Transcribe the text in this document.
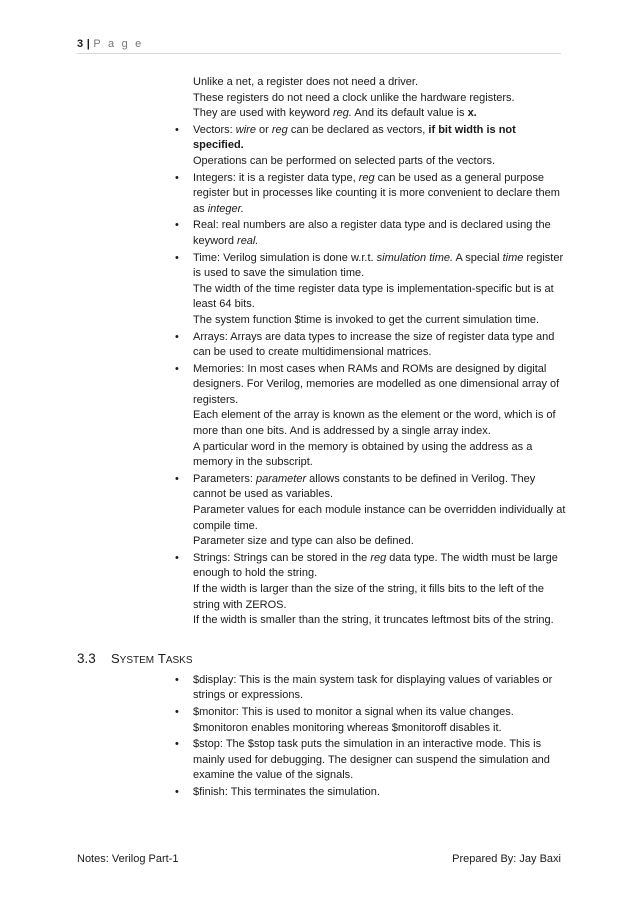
3 | P a g e
Unlike a net, a register does not need a driver.
These registers do not need a clock unlike the hardware registers.
They are used with keyword reg. And its default value is x.
• Vectors: wire or reg can be declared as vectors, if bit width is not specified.
Operations can be performed on selected parts of the vectors.
• Integers: it is a register data type, reg can be used as a general purpose register but in processes like counting it is more convenient to declare them as integer.
• Real: real numbers are also a register data type and is declared using the keyword real.
• Time: Verilog simulation is done w.r.t. simulation time. A special time register is used to save the simulation time.
The width of the time register data type is implementation-specific but is at least 64 bits.
The system function $time is invoked to get the current simulation time.
• Arrays: Arrays are data types to increase the size of register data type and can be used to create multidimensional matrices.
• Memories: In most cases when RAMs and ROMs are designed by digital designers. For Verilog, memories are modelled as one dimensional array of registers.
Each element of the array is known as the element or the word, which is of more than one bits. And is addressed by a single array index.
A particular word in the memory is obtained by using the address as a memory in the subscript.
• Parameters: parameter allows constants to be defined in Verilog. They cannot be used as variables.
Parameter values for each module instance can be overridden individually at compile time.
Parameter size and type can also be defined.
• Strings: Strings can be stored in the reg data type. The width must be large enough to hold the string.
If the width is larger than the size of the string, it fills bits to the left of the string with ZEROS.
If the width is smaller than the string, it truncates leftmost bits of the string.
3.3 SYSTEM TASKS
• $display: This is the main system task for displaying values of variables or strings or expressions.
• $monitor: This is used to monitor a signal when its value changes.
$monitoron enables monitoring whereas $monitoroff disables it.
• $stop: The $stop task puts the simulation in an interactive mode. This is mainly used for debugging. The designer can suspend the simulation and examine the value of the signals.
• $finish: This terminates the simulation.
Notes: Verilog Part-1	Prepared By: Jay Baxi
